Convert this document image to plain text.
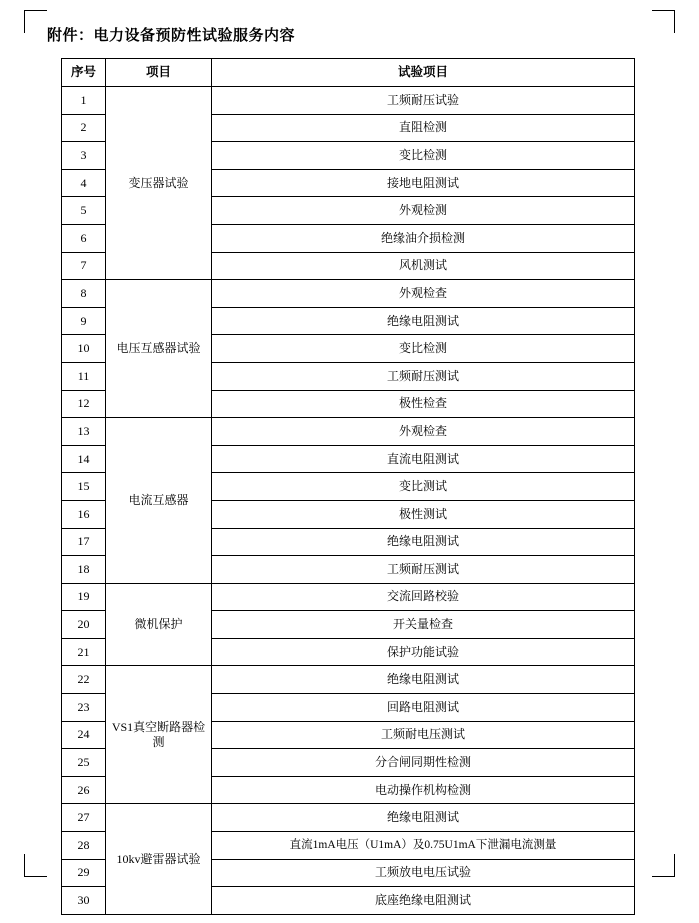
附件：电力设备预防性试验服务内容
序号	项目	试验项目
1	变压器试验	工频耐压试验
2		直阻检测
3		变比检测
4		接地电阻测试
5		外观检测
6		绝缘油介损检测
7		风机测试
8	电压互感器试验	外观检查
9		绝缘电阻测试
10		变比检测
11		工频耐压测试
12		极性检查
13	电流互感器	外观检查
14		直流电阻测试
15		变比测试
16		极性测试
17		绝缘电阻测试
18		工频耐压测试
19	微机保护	交流回路校验
20		开关量检查
21		保护功能试验
22	VS1真空断路器检测	绝缘电阻测试
23		回路电阻测试
24		工频耐电压测试
25		分合闸同期性检测
26		电动操作机构检测
27	10kv避雷器试验	绝缘电阻测试
28		直流1mA电压（U1mA）及0.75U1mA下泄漏电流测量
29		工频放电电压试验
30		底座绝缘电阻测试
